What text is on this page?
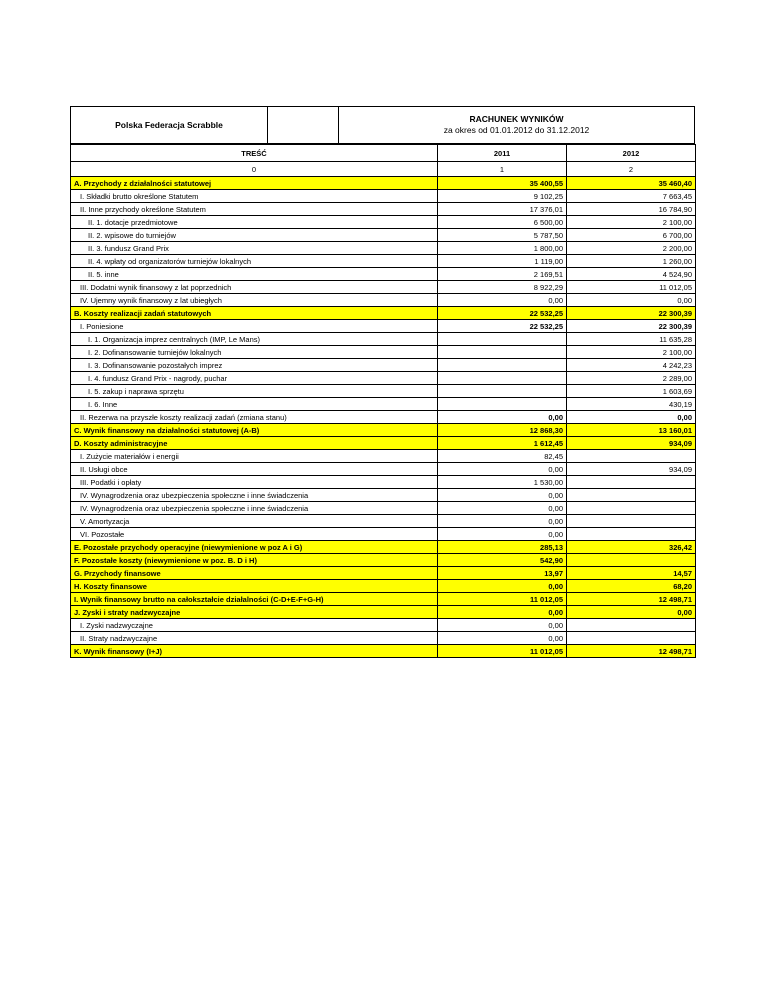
Polska Federacja Scrabble
RACHUNEK WYNIKÓW
za okres od 01.01.2012 do 31.12.2012
TREŚĆ	2011	2012
0	1	2
A. Przychody z działalności statutowej	35 400,55	35 460,40
I. Składki brutto określone Statutem	9 102,25	7 663,45
II. Inne przychody określone Statutem	17 376,01	16 784,90
II. 1. dotacje przedmiotowe	6 500,00	2 100,00
II. 2. wpisowe do turniejów	5 787,50	6 700,00
II. 3. fundusz Grand Prix	1 800,00	2 200,00
II. 4. wpłaty od organizatorów turniejów lokalnych	1 119,00	1 260,00
II. 5. inne	2 169,51	4 524,90
III. Dodatni wynik finansowy z lat poprzednich	8 922,29	11 012,05
IV. Ujemny wynik finansowy z lat ubiegłych	0,00	0,00
B. Koszty realizacji zadań statutowych	22 532,25	22 300,39
I. Poniesione	22 532,25	22 300,39
I. 1. Organizacja imprez centralnych (IMP, Le Mans)		11 635,28
I. 2. Dofinansowanie turniejów lokalnych		2 100,00
I. 3. Dofinansowanie pozostałych imprez		4 242,23
I. 4. fundusz Grand Prix - nagrody, puchar		2 289,00
I. 5. zakup i naprawa sprzętu		1 603,69
I. 6. Inne		430,19
II. Rezerwa na przyszłe koszty realizacji zadań (zmiana stanu)	0,00	0,00
C. Wynik finansowy na działalności statutowej (A-B)	12 868,30	13 160,01
D. Koszty administracyjne	1 612,45	934,09
I. Zużycie materiałów i energii	82,45	
II. Usługi obce	0,00	934,09
III. Podatki i opłaty	1 530,00	
IV. Wynagrodzenia oraz ubezpieczenia społeczne i inne świadczenia	0,00	
IV. Wynagrodzenia oraz ubezpieczenia społeczne i inne świadczenia	0,00	
V. Amortyzacja	0,00	
VI. Pozostałe	0,00	
E. Pozostałe przychody operacyjne (niewymienione w poz A i G)	285,13	326,42
F. Pozostałe koszty (niewymienione w poz. B. D i H)	542,90	
G. Przychody finansowe	13,97	14,57
H. Koszty finansowe	0,00	68,20
I. Wynik finansowy brutto na całokształcie działalności (C-D+E-F+G-H)	11 012,05	12 498,71
J. Zyski i straty nadzwyczajne	0,00	0,00
I. Zyski nadzwyczajne	0,00	
II. Straty nadzwyczajne	0,00	
K. Wynik finansowy (I+J)	11 012,05	12 498,71
